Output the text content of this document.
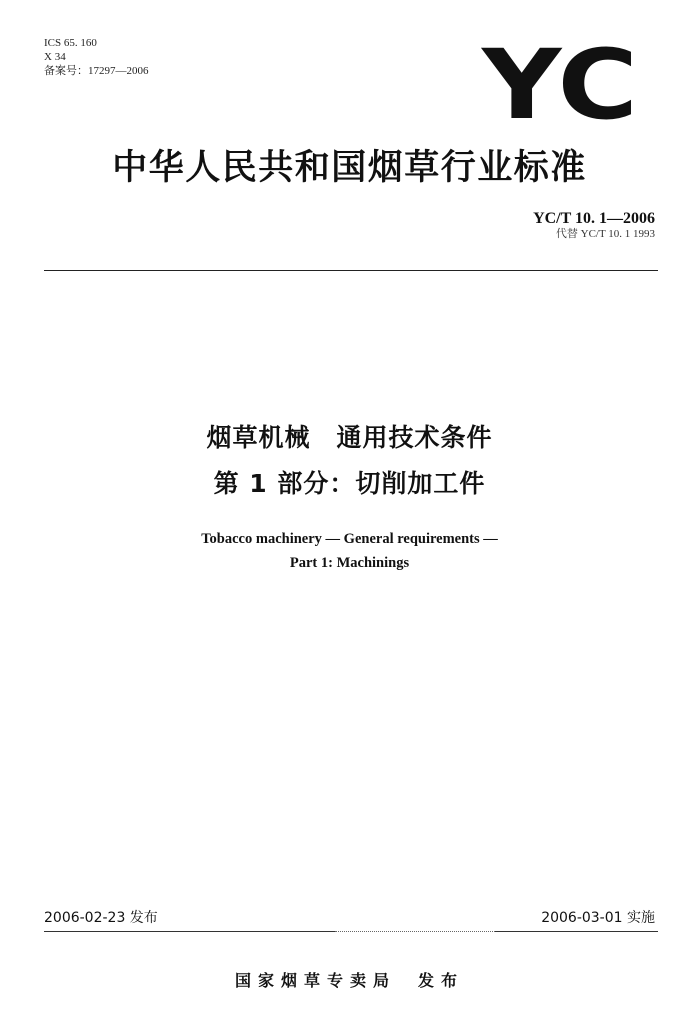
ICS 65. 160
X 34
备案号：17297—2006	YC
中华人民共和国烟草行业标准
YC/T 10. 1—2006
代替 YC/T 10. 1 1993
烟草机械　通用技术条件
第 1 部分：切削加工件
Tobacco machinery — General requirements —
Part 1: Machinings
2006-02-23 发布	2006-03-01 实施
国家烟草专卖局 发布
